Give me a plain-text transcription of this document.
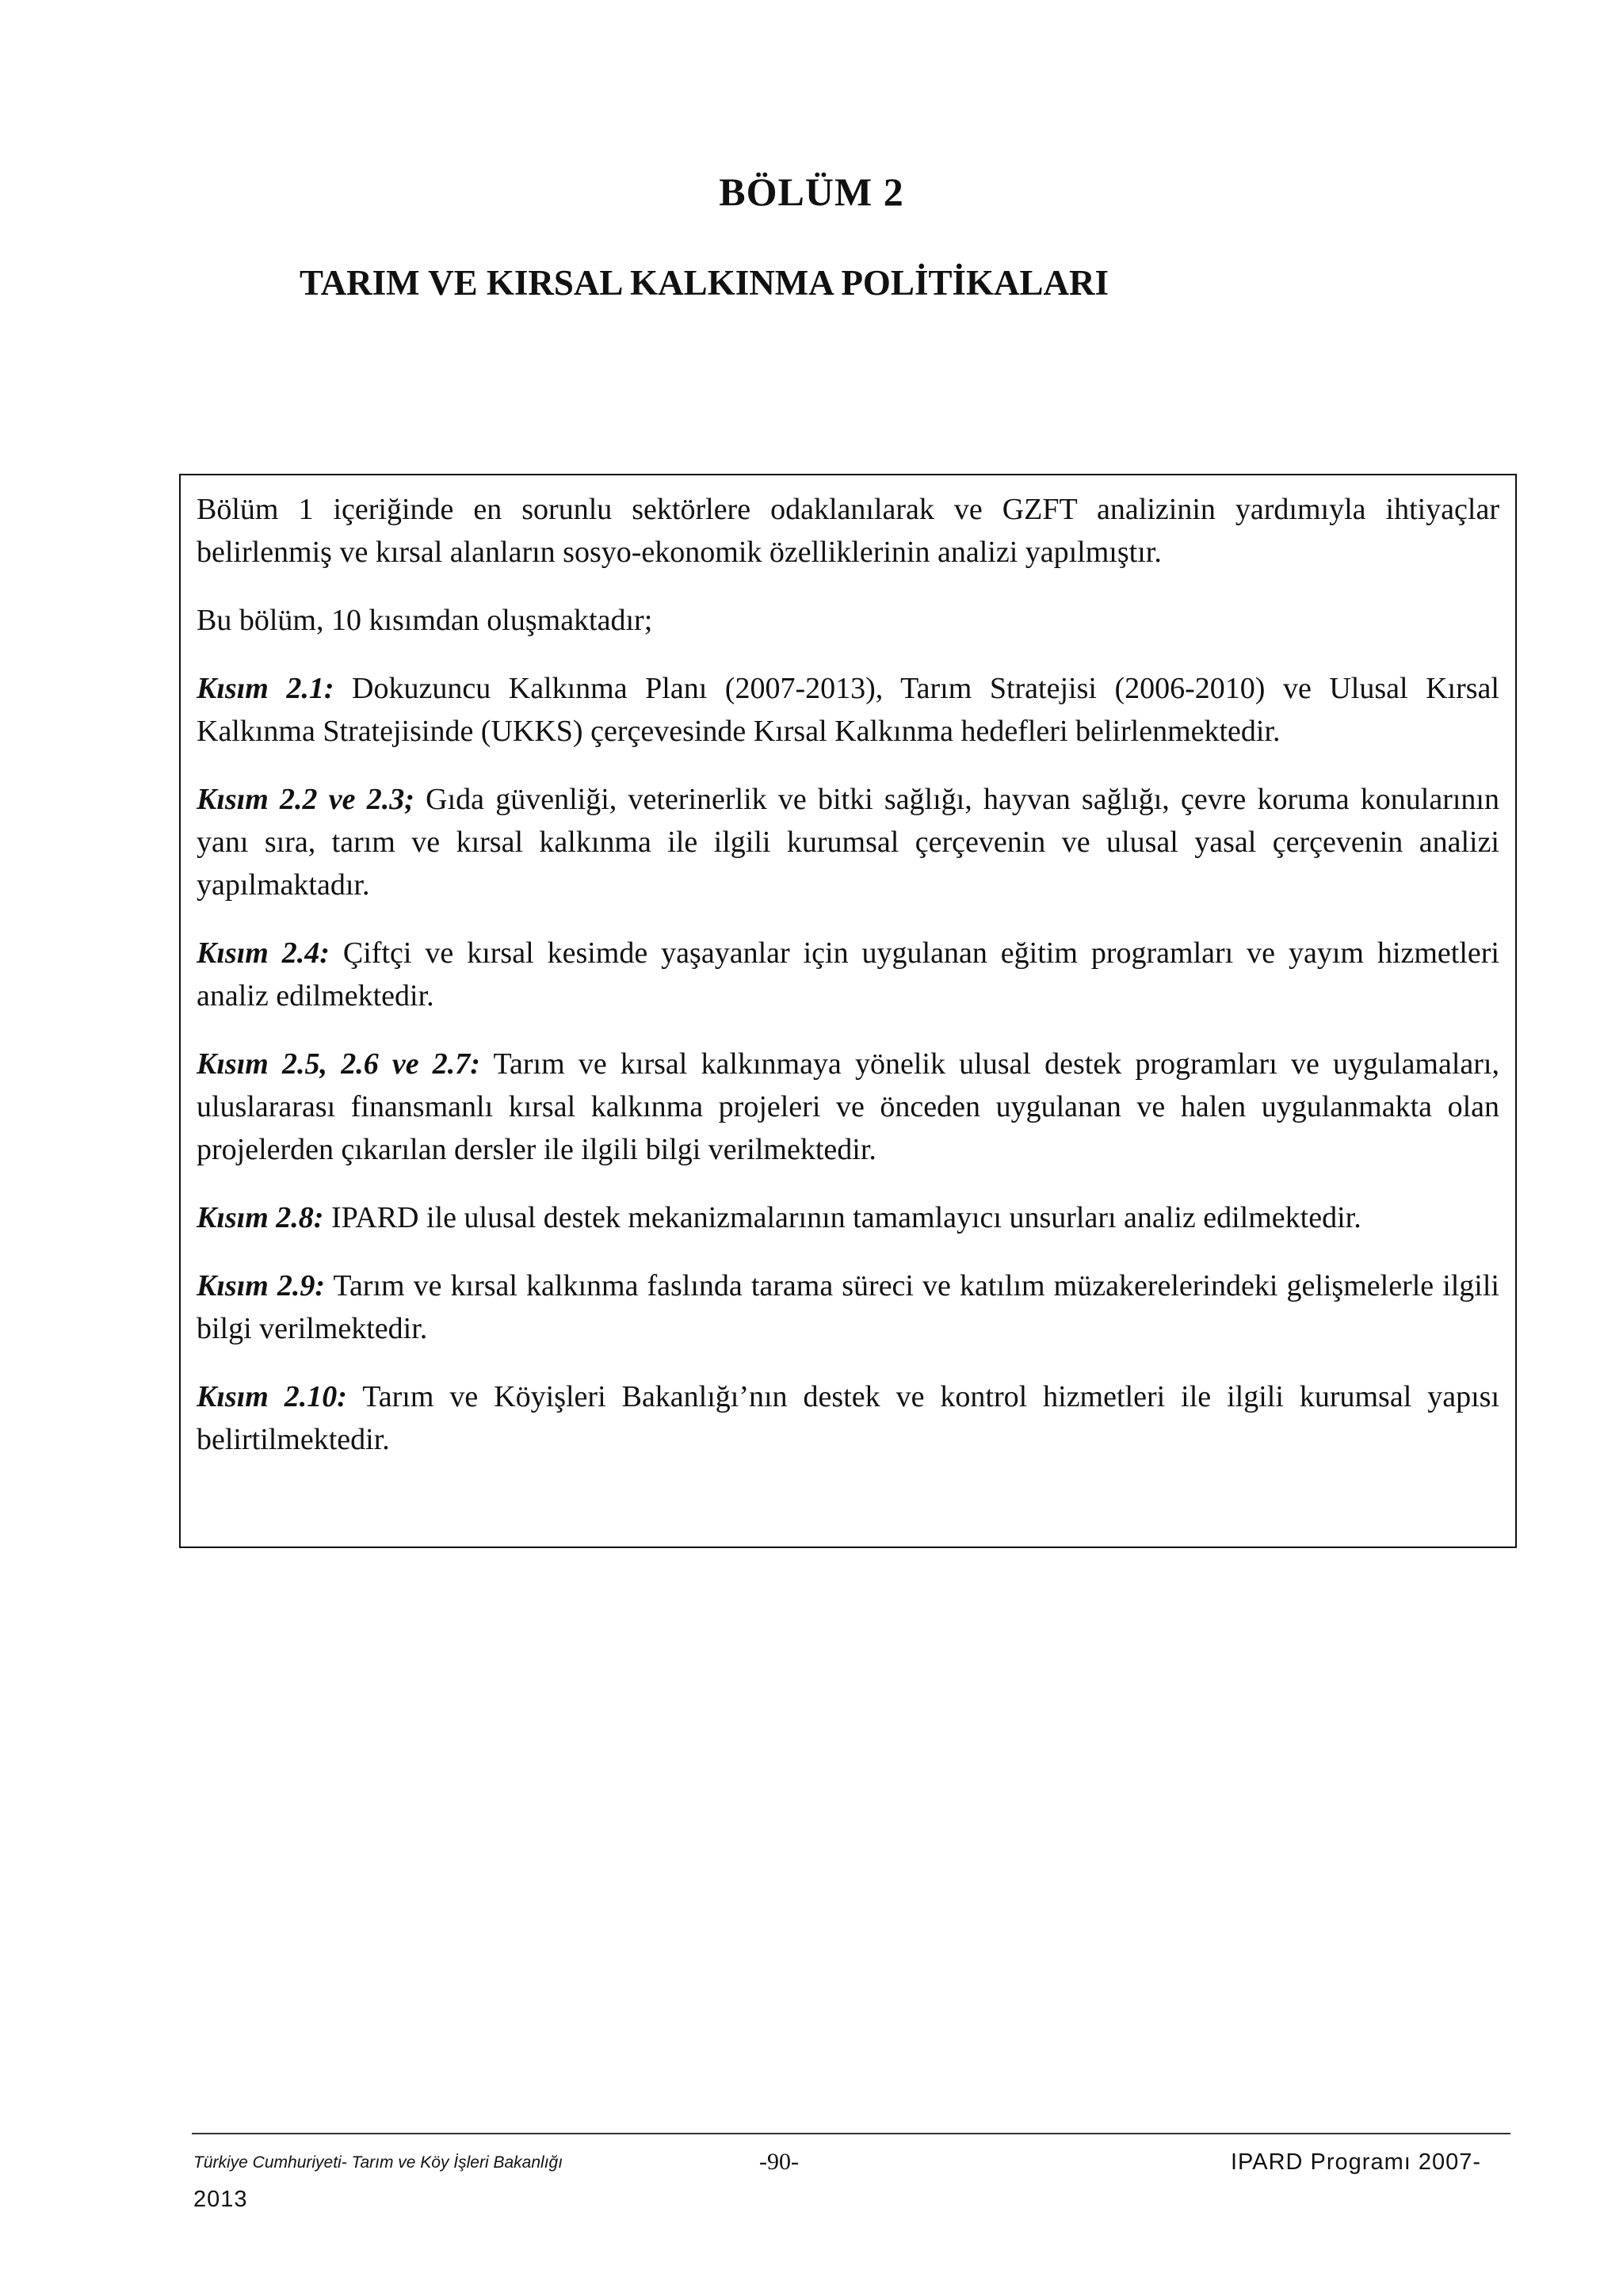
BÖLÜM 2
TARIM VE KIRSAL KALKINMA POLİTİKALARI

Bölüm 1 içeriğinde en sorunlu sektörlere odaklanılarak ve GZFT analizinin yardımıyla ihtiyaçlar belirlenmiş ve kırsal alanların sosyo-ekonomik özelliklerinin analizi yapılmıştır.

Bu bölüm, 10 kısımdan oluşmaktadır;

Kısım 2.1: Dokuzuncu Kalkınma Planı (2007-2013), Tarım Stratejisi (2006-2010) ve Ulusal Kırsal Kalkınma Stratejisinde (UKKS) çerçevesinde Kırsal Kalkınma hedefleri belirlenmektedir.

Kısım 2.2 ve 2.3; Gıda güvenliği, veterinerlik ve bitki sağlığı, hayvan sağlığı, çevre koruma konularının yanı sıra, tarım ve kırsal kalkınma ile ilgili kurumsal çerçevenin ve ulusal yasal çerçevenin analizi yapılmaktadır.

Kısım 2.4: Çiftçi ve kırsal kesimde yaşayanlar için uygulanan eğitim programları ve yayım hizmetleri analiz edilmektedir.

Kısım 2.5, 2.6 ve 2.7: Tarım ve kırsal kalkınmaya yönelik ulusal destek programları ve uygulamaları, uluslararası finansmanlı kırsal kalkınma projeleri ve önceden uygulanan ve halen uygulanmakta olan projelerden çıkarılan dersler ile ilgili bilgi verilmektedir.

Kısım 2.8: IPARD ile ulusal destek mekanizmalarının tamamlayıcı unsurları analiz edilmektedir.

Kısım 2.9: Tarım ve kırsal kalkınma faslında tarama süreci ve katılım müzakerelerindeki gelişmelerle ilgili bilgi verilmektedir.

Kısım 2.10: Tarım ve Köyişleri Bakanlığı’nın destek ve kontrol hizmetleri ile ilgili kurumsal yapısı belirtilmektedir.

Türkiye Cumhuriyeti- Tarım ve Köy İşleri Bakanlığı	-90-	IPARD Programı 2007-
2013
